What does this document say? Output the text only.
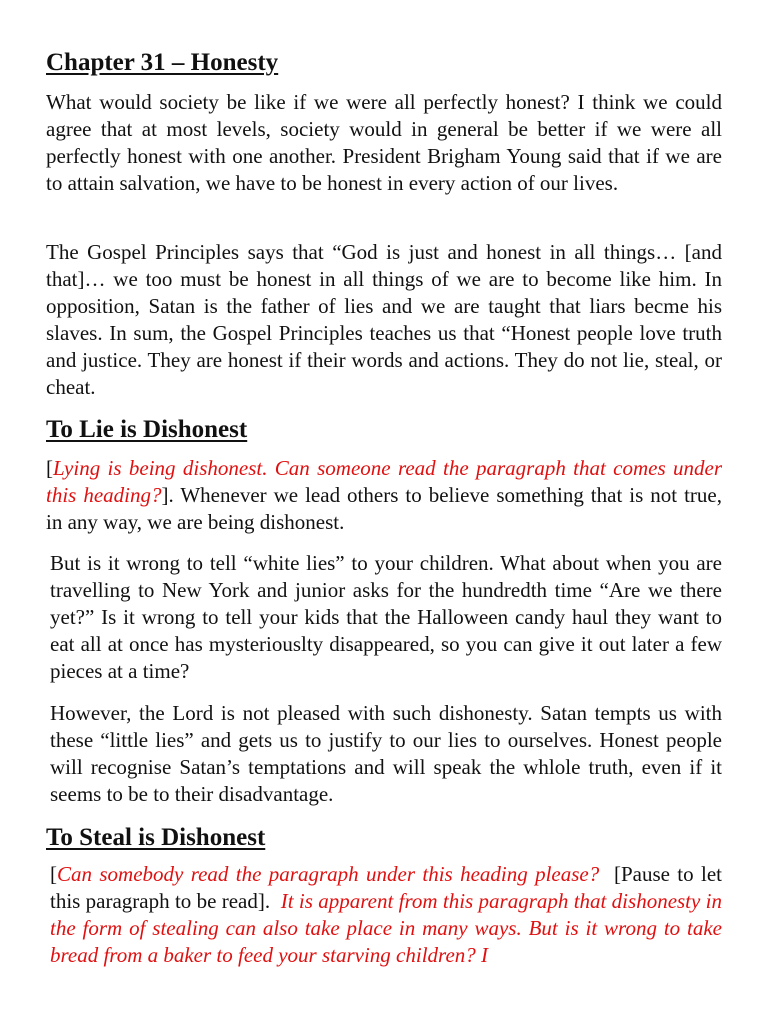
Chapter 31 – Honesty

What would society be like if we were all perfectly honest? I think we could agree that at most levels, society would in general be better if we were all perfectly honest with one another. President Brigham Young said that if we are to attain salvation, we have to be honest in every action of our lives.

The Gospel Principles says that “God is just and honest in all things… [and that]… we too must be honest in all things of we are to become like him. In opposition, Satan is the father of lies and we are taught that liars becme his slaves. In sum, the Gospel Principles teaches us that “Honest people love truth and justice. They are honest if their words and actions. They do not lie, steal, or cheat.

To Lie is Dishonest

[Lying is being dishonest. Can someone read the paragraph that comes under this heading?]. Whenever we lead others to believe something that is not true, in any way, we are being dishonest.

But is it wrong to tell “white lies” to your children. What about when you are travelling to New York and junior asks for the hundredth time “Are we there yet?” Is it wrong to tell your kids that the Halloween candy haul they want to eat all at once has mysteriouslty disappeared, so you can give it out later a few pieces at a time?

However, the Lord is not pleased with such dishonesty. Satan tempts us with these “little lies” and gets us to justify to our lies to ourselves. Honest people will recognise Satan’s temptations and will speak the whlole truth, even if it seems to be to their disadvantage.

To Steal is Dishonest

[Can somebody read the paragraph under this heading please?  [Pause to let this paragraph to be read].  It is apparent from this paragraph that dishonesty in the form of stealing can also take place in many ways. But is it wrong to take bread from a baker to feed your starving children? I
